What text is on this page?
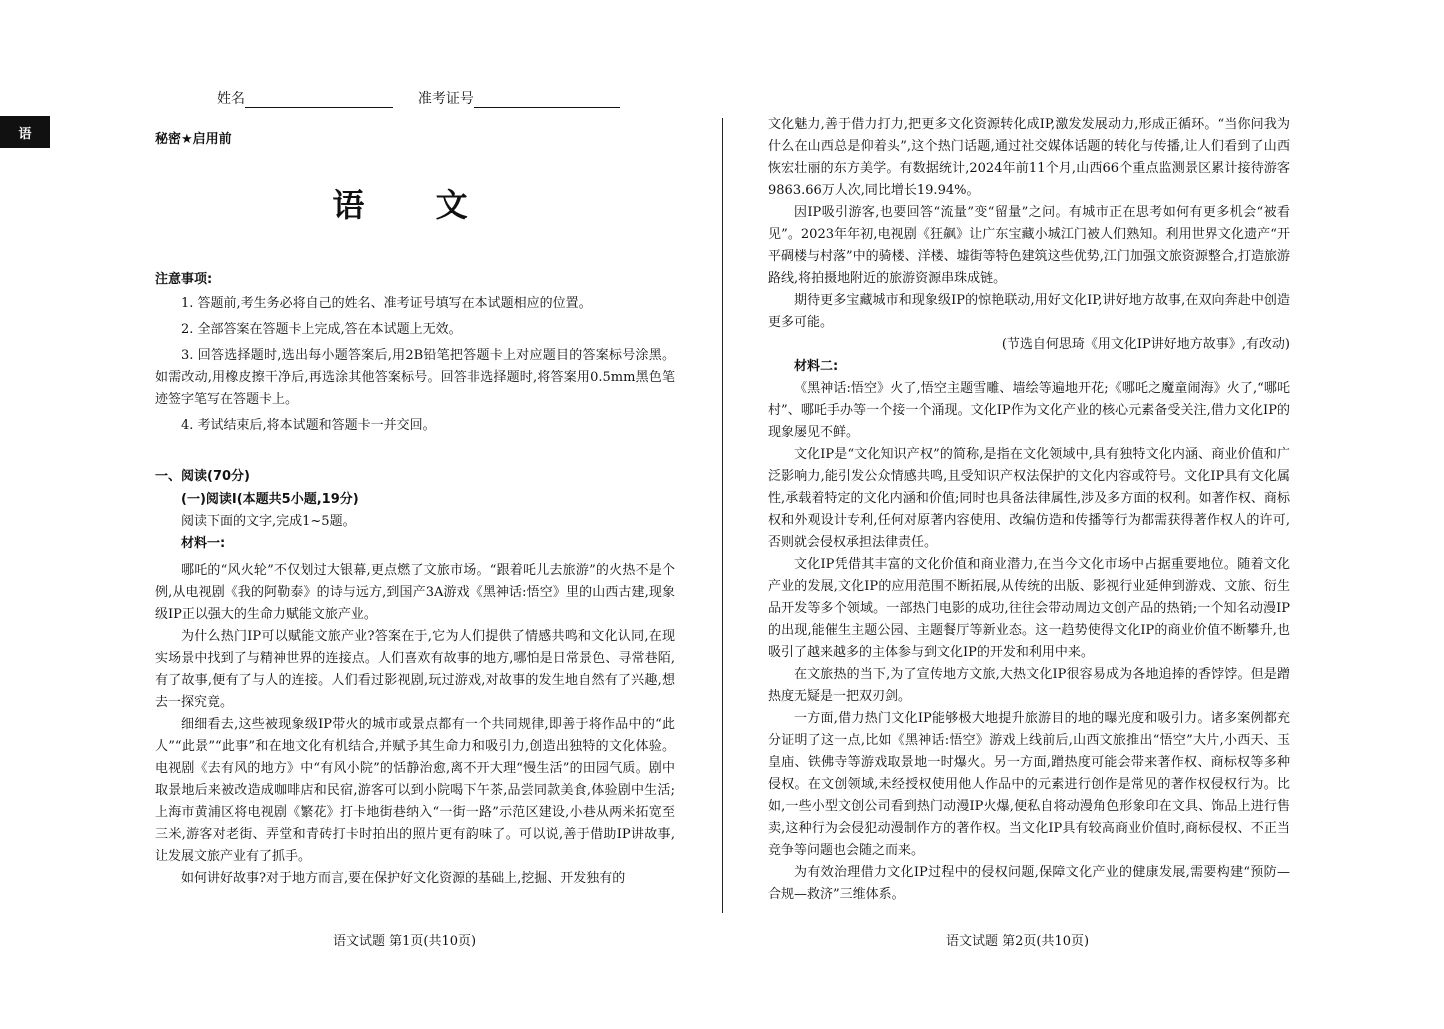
语
姓名	准考证号
秘密★启用前
语 文
注意事项:

1. 答题前,考生务必将自己的姓名、准考证号填写在本试题相应的位置。

2. 全部答案在答题卡上完成,答在本试题上无效。

3. 回答选择题时,选出每小题答案后,用2B铅笔把答题卡上对应题目的答案标号涂黑。如需改动,用橡皮擦干净后,再选涂其他答案标号。回答非选择题时,将答案用0.5mm黑色笔迹签字笔写在答题卡上。

4. 考试结束后,将本试题和答题卡一并交回。

一、阅读(70分)

(一)阅读Ⅰ(本题共5小题,19分)

阅读下面的文字,完成1~5题。

材料一:

哪吒的“风火轮”不仅划过大银幕,更点燃了文旅市场。“跟着吒儿去旅游”的火热不是个例,从电视剧《我的阿勒泰》的诗与远方,到国产3A游戏《黑神话:悟空》里的山西古建,现象级IP正以强大的生命力赋能文旅产业。

为什么热门IP可以赋能文旅产业?答案在于,它为人们提供了情感共鸣和文化认同,在现实场景中找到了与精神世界的连接点。人们喜欢有故事的地方,哪怕是日常景色、寻常巷陌,有了故事,便有了与人的连接。人们看过影视剧,玩过游戏,对故事的发生地自然有了兴趣,想去一探究竟。

细细看去,这些被现象级IP带火的城市或景点都有一个共同规律,即善于将作品中的“此人”“此景”“此事”和在地文化有机结合,并赋予其生命力和吸引力,创造出独特的文化体验。电视剧《去有风的地方》中“有风小院”的恬静治愈,离不开大理“慢生活”的田园气质。剧中取景地后来被改造成咖啡店和民宿,游客可以到小院喝下午茶,品尝同款美食,体验剧中生活;上海市黄浦区将电视剧《繁花》打卡地街巷纳入“一街一路”示范区建设,小巷从两米拓宽至三米,游客对老街、弄堂和青砖打卡时拍出的照片更有韵味了。可以说,善于借助IP讲故事,让发展文旅产业有了抓手。

如何讲好故事?对于地方而言,要在保护好文化资源的基础上,挖掘、开发独有的

语文试题 第1页(共10页)

文化魅力,善于借力打力,把更多文化资源转化成IP,激发发展动力,形成正循环。“当你问我为什么在山西总是仰着头”,这个热门话题,通过社交媒体话题的转化与传播,让人们看到了山西恢宏壮丽的东方美学。有数据统计,2024年前11个月,山西66个重点监测景区累计接待游客9863.66万人次,同比增长19.94%。

因IP吸引游客,也要回答“流量”变“留量”之问。有城市正在思考如何有更多机会“被看见”。2023年年初,电视剧《狂飙》让广东宝藏小城江门被人们熟知。利用世界文化遗产“开平碉楼与村落”中的骑楼、洋楼、墟街等特色建筑这些优势,江门加强文旅资源整合,打造旅游路线,将拍摄地附近的旅游资源串珠成链。

期待更多宝藏城市和现象级IP的惊艳联动,用好文化IP,讲好地方故事,在双向奔赴中创造更多可能。

(节选自何思琦《用文化IP讲好地方故事》,有改动)

材料二:

《黑神话:悟空》火了,悟空主题雪雕、墙绘等遍地开花;《哪吒之魔童闹海》火了,“哪吒村”、哪吒手办等一个接一个涌现。文化IP作为文化产业的核心元素备受关注,借力文化IP的现象屡见不鲜。

文化IP是“文化知识产权”的简称,是指在文化领域中,具有独特文化内涵、商业价值和广泛影响力,能引发公众情感共鸣,且受知识产权法保护的文化内容或符号。文化IP具有文化属性,承载着特定的文化内涵和价值;同时也具备法律属性,涉及多方面的权利。如著作权、商标权和外观设计专利,任何对原著内容使用、改编仿造和传播等行为都需获得著作权人的许可,否则就会侵权承担法律责任。

文化IP凭借其丰富的文化价值和商业潜力,在当今文化市场中占据重要地位。随着文化产业的发展,文化IP的应用范围不断拓展,从传统的出版、影视行业延伸到游戏、文旅、衍生品开发等多个领域。一部热门电影的成功,往往会带动周边文创产品的热销;一个知名动漫IP的出现,能催生主题公园、主题餐厅等新业态。这一趋势使得文化IP的商业价值不断攀升,也吸引了越来越多的主体参与到文化IP的开发和利用中来。

在文旅热的当下,为了宣传地方文旅,大热文化IP很容易成为各地追捧的香饽饽。但是蹭热度无疑是一把双刃剑。

一方面,借力热门文化IP能够极大地提升旅游目的地的曝光度和吸引力。诸多案例都充分证明了这一点,比如《黑神话:悟空》游戏上线前后,山西文旅推出“悟空”大片,小西天、玉皇庙、铁佛寺等游戏取景地一时爆火。另一方面,蹭热度可能会带来著作权、商标权等多种侵权。在文创领域,未经授权使用他人作品中的元素进行创作是常见的著作权侵权行为。比如,一些小型文创公司看到热门动漫IP火爆,便私自将动漫角色形象印在文具、饰品上进行售卖,这种行为会侵犯动漫制作方的著作权。当文化IP具有较高商业价值时,商标侵权、不正当竞争等问题也会随之而来。

为有效治理借力文化IP过程中的侵权问题,保障文化产业的健康发展,需要构建“预防—合规—救济”三维体系。

语文试题 第2页(共10页)
